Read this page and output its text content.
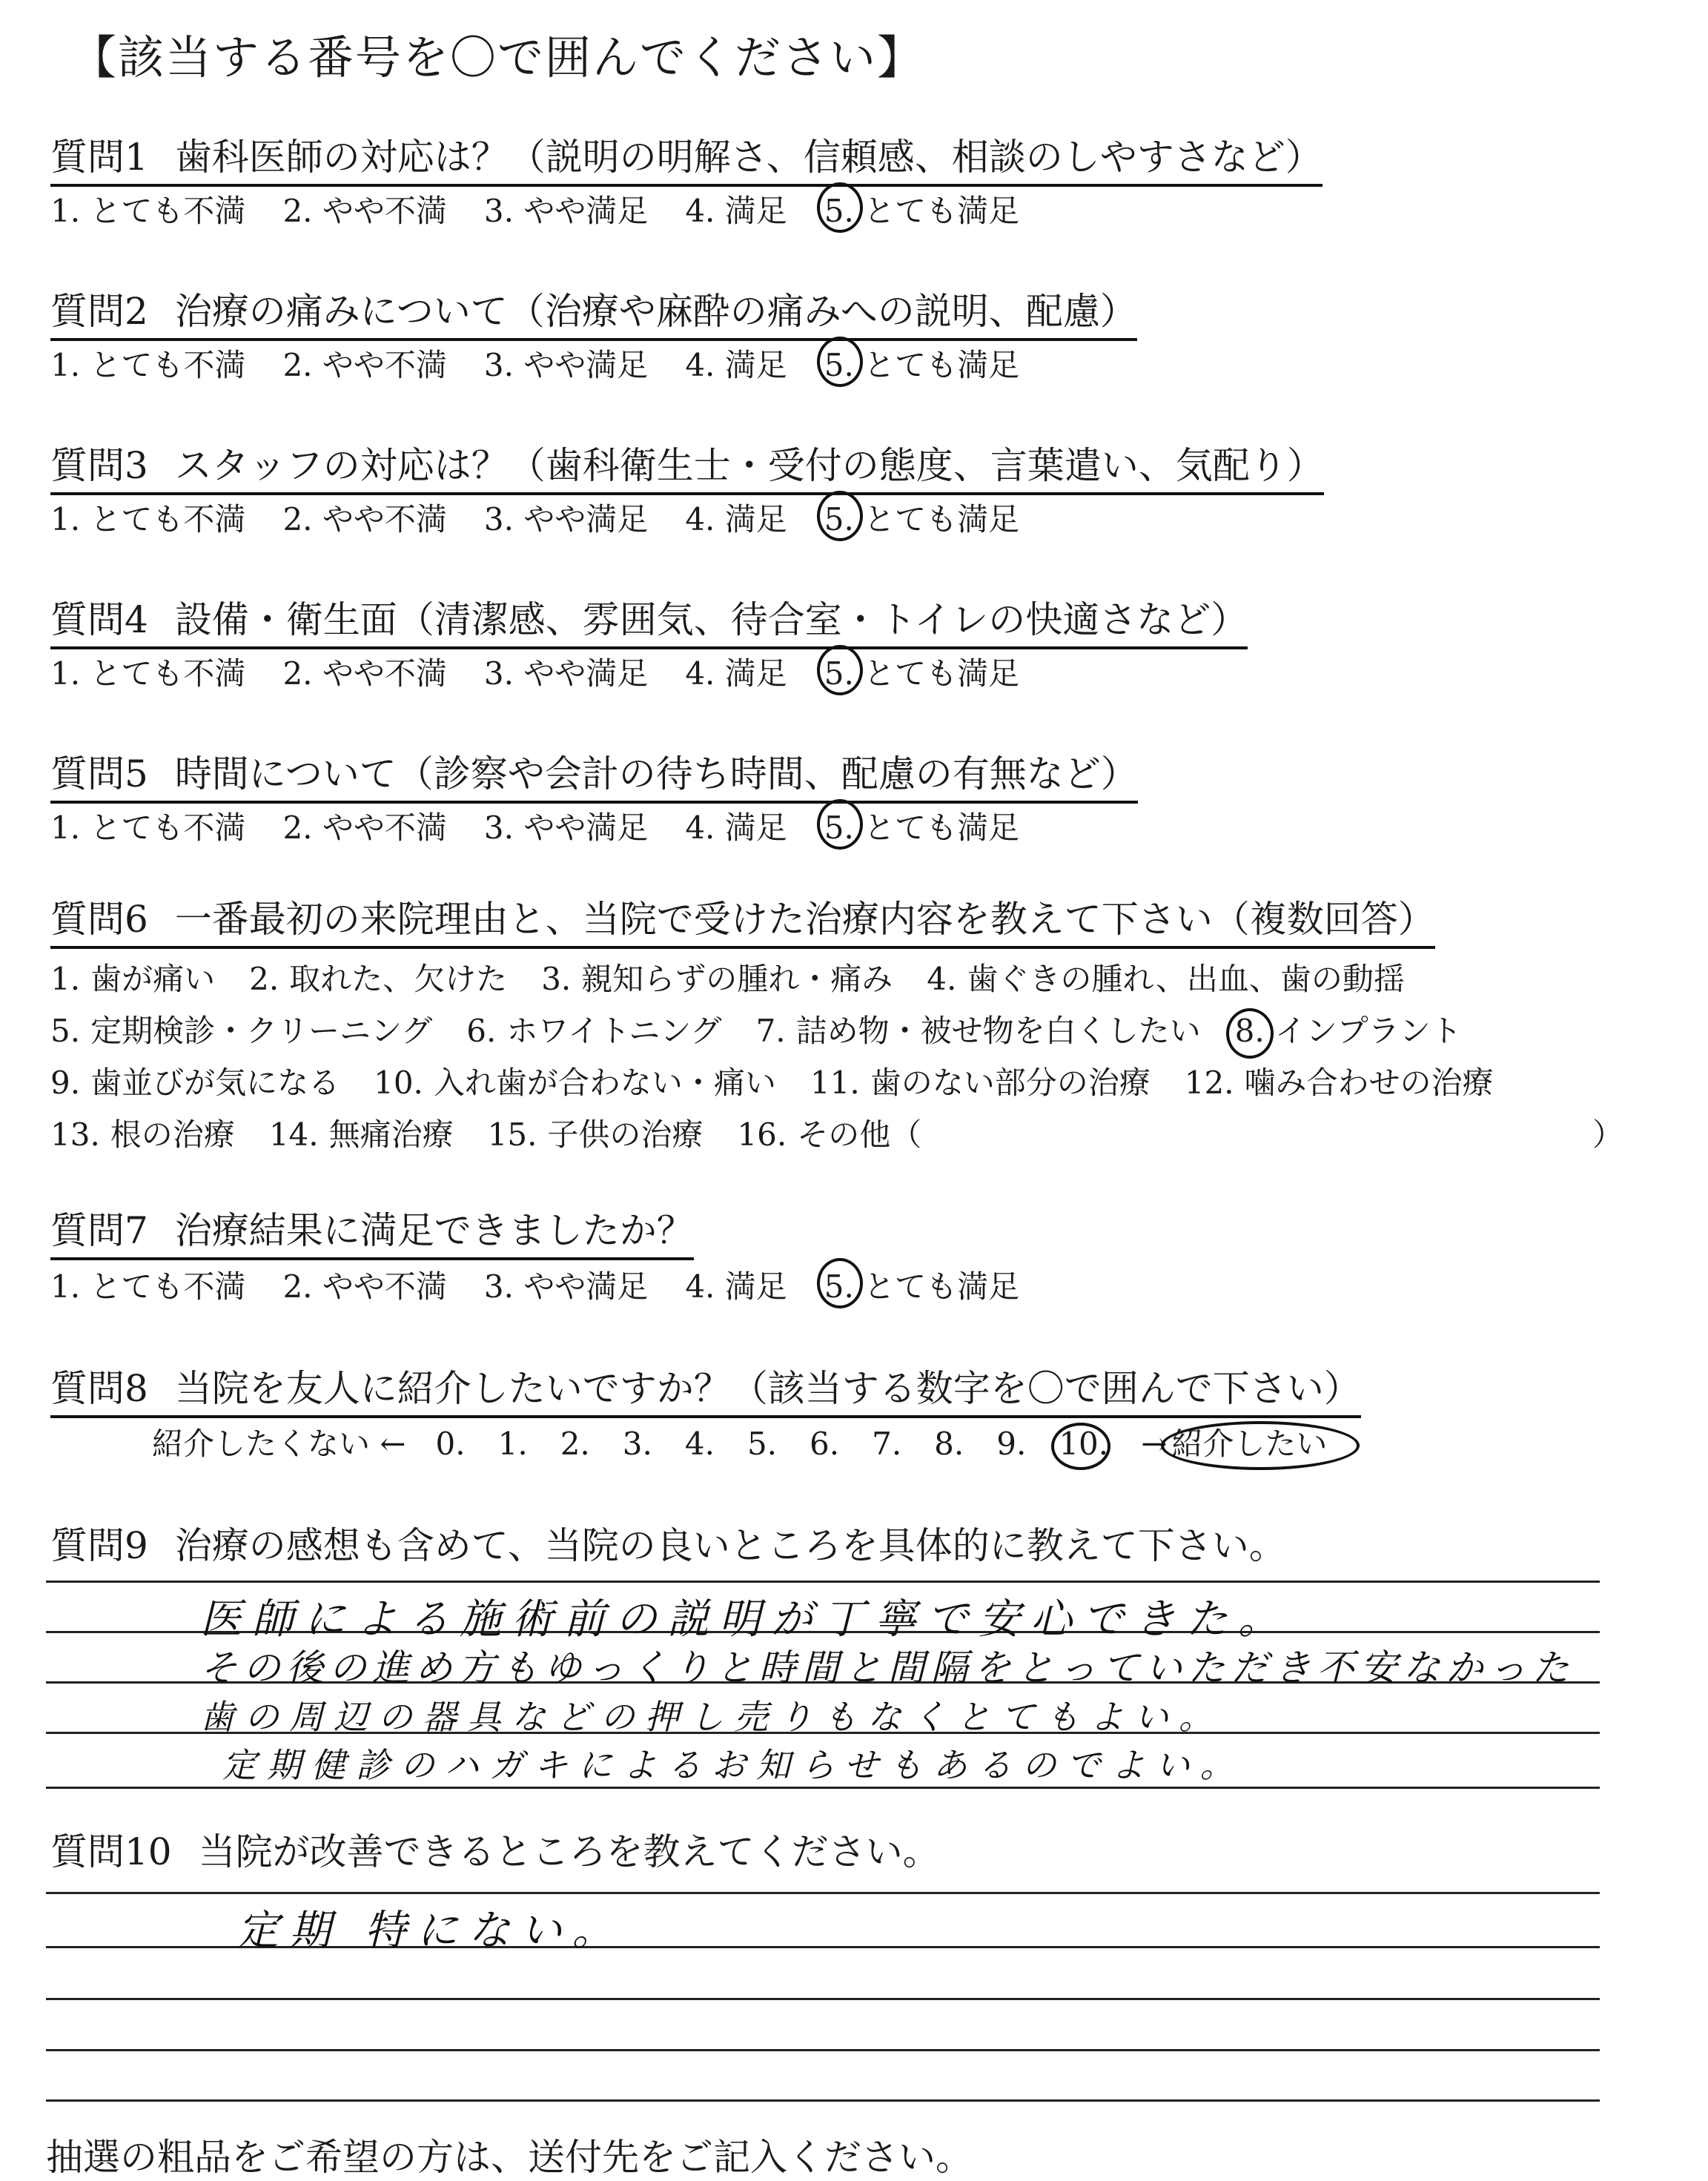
【該当する番号を〇で囲んでください】
質問1 歯科医師の対応は？（説明の明解さ、信頼感、相談のしやすさなど）
1. とても不満 2. やや不満 3. やや満足 4. 満足 5. とても満足
質問2 治療の痛みについて（治療や麻酔の痛みへの説明、配慮）
1. とても不満 2. やや不満 3. やや満足 4. 満足 5. とても満足
質問3 スタッフの対応は？（歯科衛生士・受付の態度、言葉遣い、気配り）
1. とても不満 2. やや不満 3. やや満足 4. 満足 5. とても満足
質問4 設備・衛生面（清潔感、雰囲気、待合室・トイレの快適さなど）
1. とても不満 2. やや不満 3. やや満足 4. 満足 5. とても満足
質問5 時間について（診察や会計の待ち時間、配慮の有無など）
1. とても不満 2. やや不満 3. やや満足 4. 満足 5. とても満足
質問6 一番最初の来院理由と、当院で受けた治療内容を教えて下さい（複数回答）
1. 歯が痛い 2. 取れた、欠けた 3. 親知らずの腫れ・痛み 4. 歯ぐきの腫れ、出血、歯の動揺
5. 定期検診・クリーニング 6. ホワイトニング 7. 詰め物・被せ物を白くしたい 8. インプラント
9. 歯並びが気になる 10. 入れ歯が合わない・痛い 11. 歯のない部分の治療 12. 噛み合わせの治療
13. 根の治療 14. 無痛治療 15. 子供の治療 16. その他（	）
質問7 治療結果に満足できましたか？
1. とても不満 2. やや不満 3. やや満足 4. 満足 5. とても満足
質問8 当院を友人に紹介したいですか？（該当する数字を〇で囲んで下さい）
紹介したくない ← 0. 1. 2. 3. 4. 5. 6. 7. 8. 9. 10. → 紹介したい
質問9 治療の感想も含めて、当院の良いところを具体的に教えて下さい。
医師による施術前の説明が丁寧で安心できた。
その後の進め方もゆっくりと時間と間隔をとっていただき不安なかった
歯の周辺の器具などの押し売りもなくとてもよい。
定期健診のハガキによるお知らせもあるのでよい。
質問10 当院が改善できるところを教えてください。
定期 特にない。
抽選の粗品をご希望の方は、送付先をご記入ください。
